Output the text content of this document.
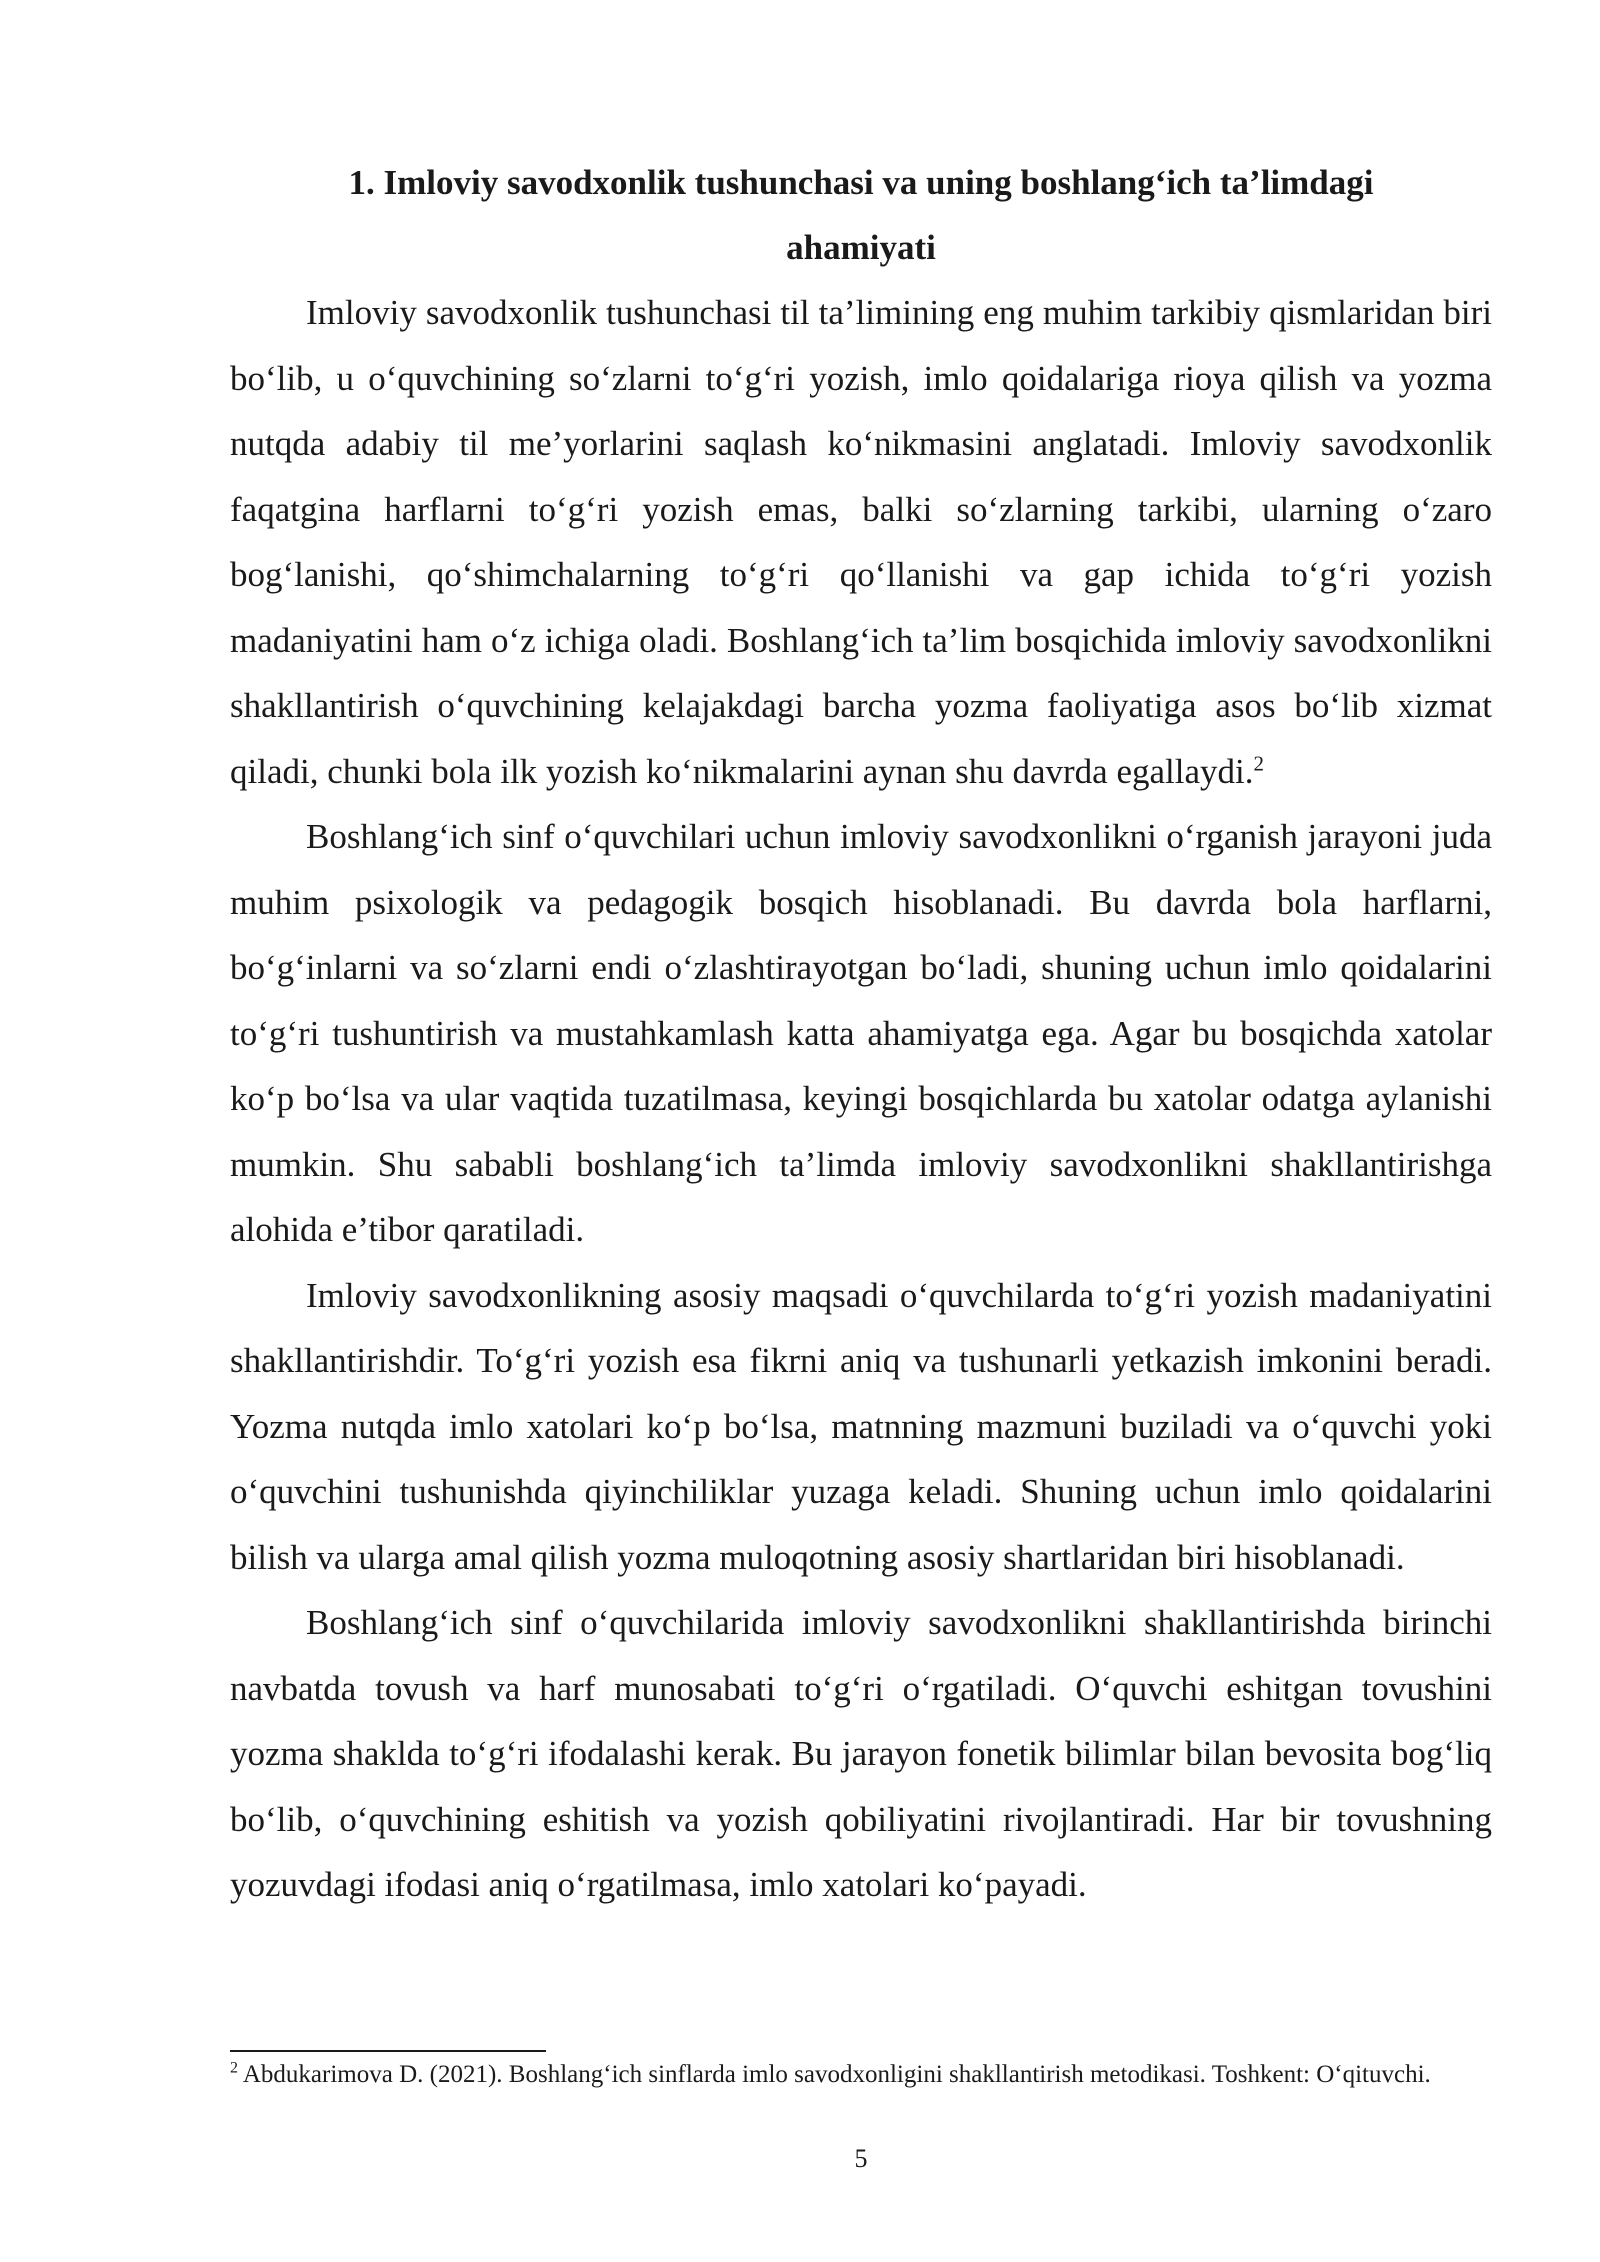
1. Imloviy savodxonlik tushunchasi va uning boshlang‘ich ta’limdagi
ahamiyati

Imloviy savodxonlik tushunchasi til ta’limining eng muhim tarkibiy qismlaridan biri bo‘lib, u o‘quvchining so‘zlarni to‘g‘ri yozish, imlo qoidalariga rioya qilish va yozma nutqda adabiy til me’yorlarini saqlash ko‘nikmasini anglatadi. Imloviy savodxonlik faqatgina harflarni to‘g‘ri yozish emas, balki so‘zlarning tarkibi, ularning o‘zaro bog‘lanishi, qo‘shimchalarning to‘g‘ri qo‘llanishi va gap ichida to‘g‘ri yozish madaniyatini ham o‘z ichiga oladi. Boshlang‘ich ta’lim bosqichida imloviy savodxonlikni shakllantirish o‘quvchining kelajakdagi barcha yozma faoliyatiga asos bo‘lib xizmat qiladi, chunki bola ilk yozish ko‘nikmalarini aynan shu davrda egallaydi.$^2$

Boshlang‘ich sinf o‘quvchilari uchun imloviy savodxonlikni o‘rganish jarayoni juda muhim psixologik va pedagogik bosqich hisoblanadi. Bu davrda bola harflarni, bo‘g‘inlarni va so‘zlarni endi o‘zlashtirayotgan bo‘ladi, shuning uchun imlo qoidalarini to‘g‘ri tushuntirish va mustahkamlash katta ahamiyatga ega. Agar bu bosqichda xatolar ko‘p bo‘lsa va ular vaqtida tuzatilmasa, keyingi bosqichlarda bu xatolar odatga aylanishi mumkin. Shu sababli boshlang‘ich ta’limda imloviy savodxonlikni shakllantirishga alohida e’tibor qaratiladi.

Imloviy savodxonlikning asosiy maqsadi o‘quvchilarda to‘g‘ri yozish madaniyatini shakllantirishdir. To‘g‘ri yozish esa fikrni aniq va tushunarli yetkazish imkonini beradi. Yozma nutqda imlo xatolari ko‘p bo‘lsa, matnning mazmuni buziladi va o‘quvchi yoki o‘quvchini tushunishda qiyinchiliklar yuzaga keladi. Shuning uchun imlo qoidalarini bilish va ularga amal qilish yozma muloqotning asosiy shartlaridan biri hisoblanadi.

Boshlang‘ich sinf o‘quvchilarida imloviy savodxonlikni shakllantirishda birinchi navbatda tovush va harf munosabati to‘g‘ri o‘rgatiladi. O‘quvchi eshitgan tovushini yozma shaklda to‘g‘ri ifodalashi kerak. Bu jarayon fonetik bilimlar bilan bevosita bog‘liq bo‘lib, o‘quvchining eshitish va yozish qobiliyatini rivojlantiradi. Har bir tovushning yozuvdagi ifodasi aniq o‘rgatilmasa, imlo xatolari ko‘payadi.

$^2$ Abdukarimova D. (2021). Boshlang‘ich sinflarda imlo savodxonligini shakllantirish metodikasi. Toshkent: O‘qituvchi.

5
